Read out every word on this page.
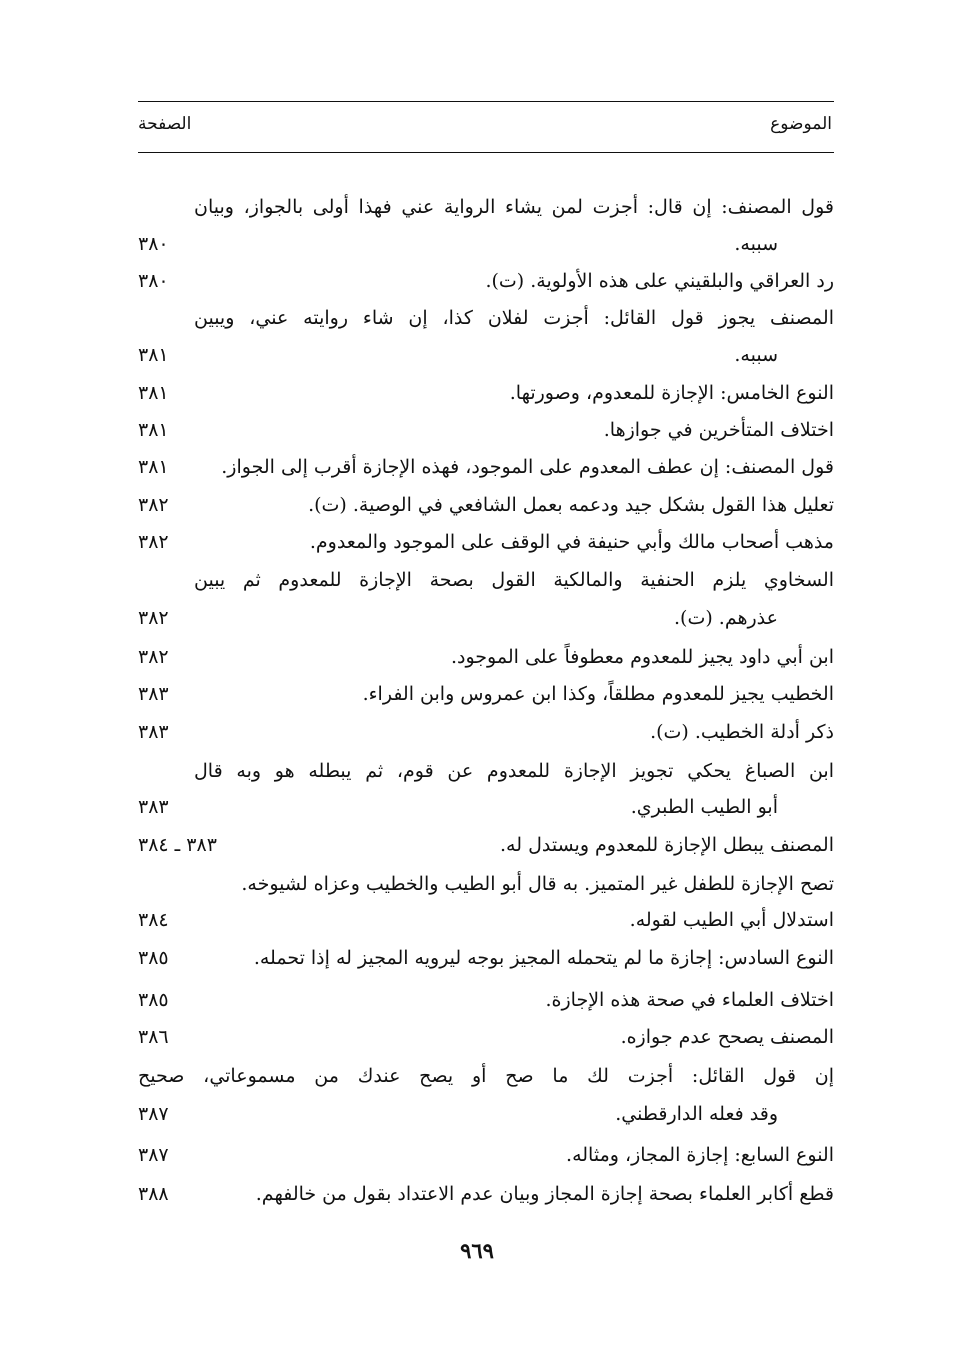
الموضوع
الصفحة
قول المصنف: إن قال: أجزت لمن يشاء الرواية عني فهذا أولى بالجواز، وبيان
سببه.
٣٨٠
رد العراقي والبلقيني على هذه الأولوية. (ت).
٣٨٠
المصنف يجوز قول القائل: أجزت لفلان كذا، إن شاء روايته عني، ويبين
سببه.
٣٨١
النوع الخامس: الإجازة للمعدوم، وصورتها.
٣٨١
اختلاف المتأخرين في جوازها.
٣٨١
قول المصنف: إن عطف المعدوم على الموجود، فهذه الإجازة أقرب إلى الجواز.
٣٨١
تعليل هذا القول بشكل جيد ودعمه بعمل الشافعي في الوصية. (ت).
٣٨٢
مذهب أصحاب مالك وأبي حنيفة في الوقف على الموجود والمعدوم.
٣٨٢
السخاوي يلزم الحنفية والمالكية القول بصحة الإجازة للمعدوم ثم يبين
عذرهم. (ت).
٣٨٢
ابن أبي داود يجيز للمعدوم معطوفاً على الموجود.
٣٨٢
الخطيب يجيز للمعدوم مطلقاً، وكذا ابن عمروس وابن الفراء.
٣٨٣
ذكر أدلة الخطيب. (ت).
٣٨٣
ابن الصباغ يحكي تجويز الإجازة للمعدوم عن قوم، ثم يبطله هو وبه قال
أبو الطيب الطبري.
٣٨٣
المصنف يبطل الإجازة للمعدوم ويستدل له.
٣٨٣ ـ ٣٨٤
تصح الإجازة للطفل غير المتميز. به قال أبو الطيب والخطيب وعزاه لشيوخه.
استدلال أبي الطيب لقوله.
٣٨٤
النوع السادس: إجازة ما لم يتحمله المجيز بوجه ليرويه المجيز له إذا تحمله.
٣٨٥
اختلاف العلماء في صحة هذه الإجازة.
٣٨٥
المصنف يصحح عدم جوازه.
٣٨٦
إن قول القائل: أجزت لك ما صح أو يصح عندك من مسموعاتي، صحيح
وقد فعله الدارقطني.
٣٨٧
النوع السابع: إجازة المجاز، ومثاله.
٣٨٧
قطع أكابر العلماء بصحة إجازة المجاز وبيان عدم الاعتداد بقول من خالفهم.
٣٨٨
٩٦٩
